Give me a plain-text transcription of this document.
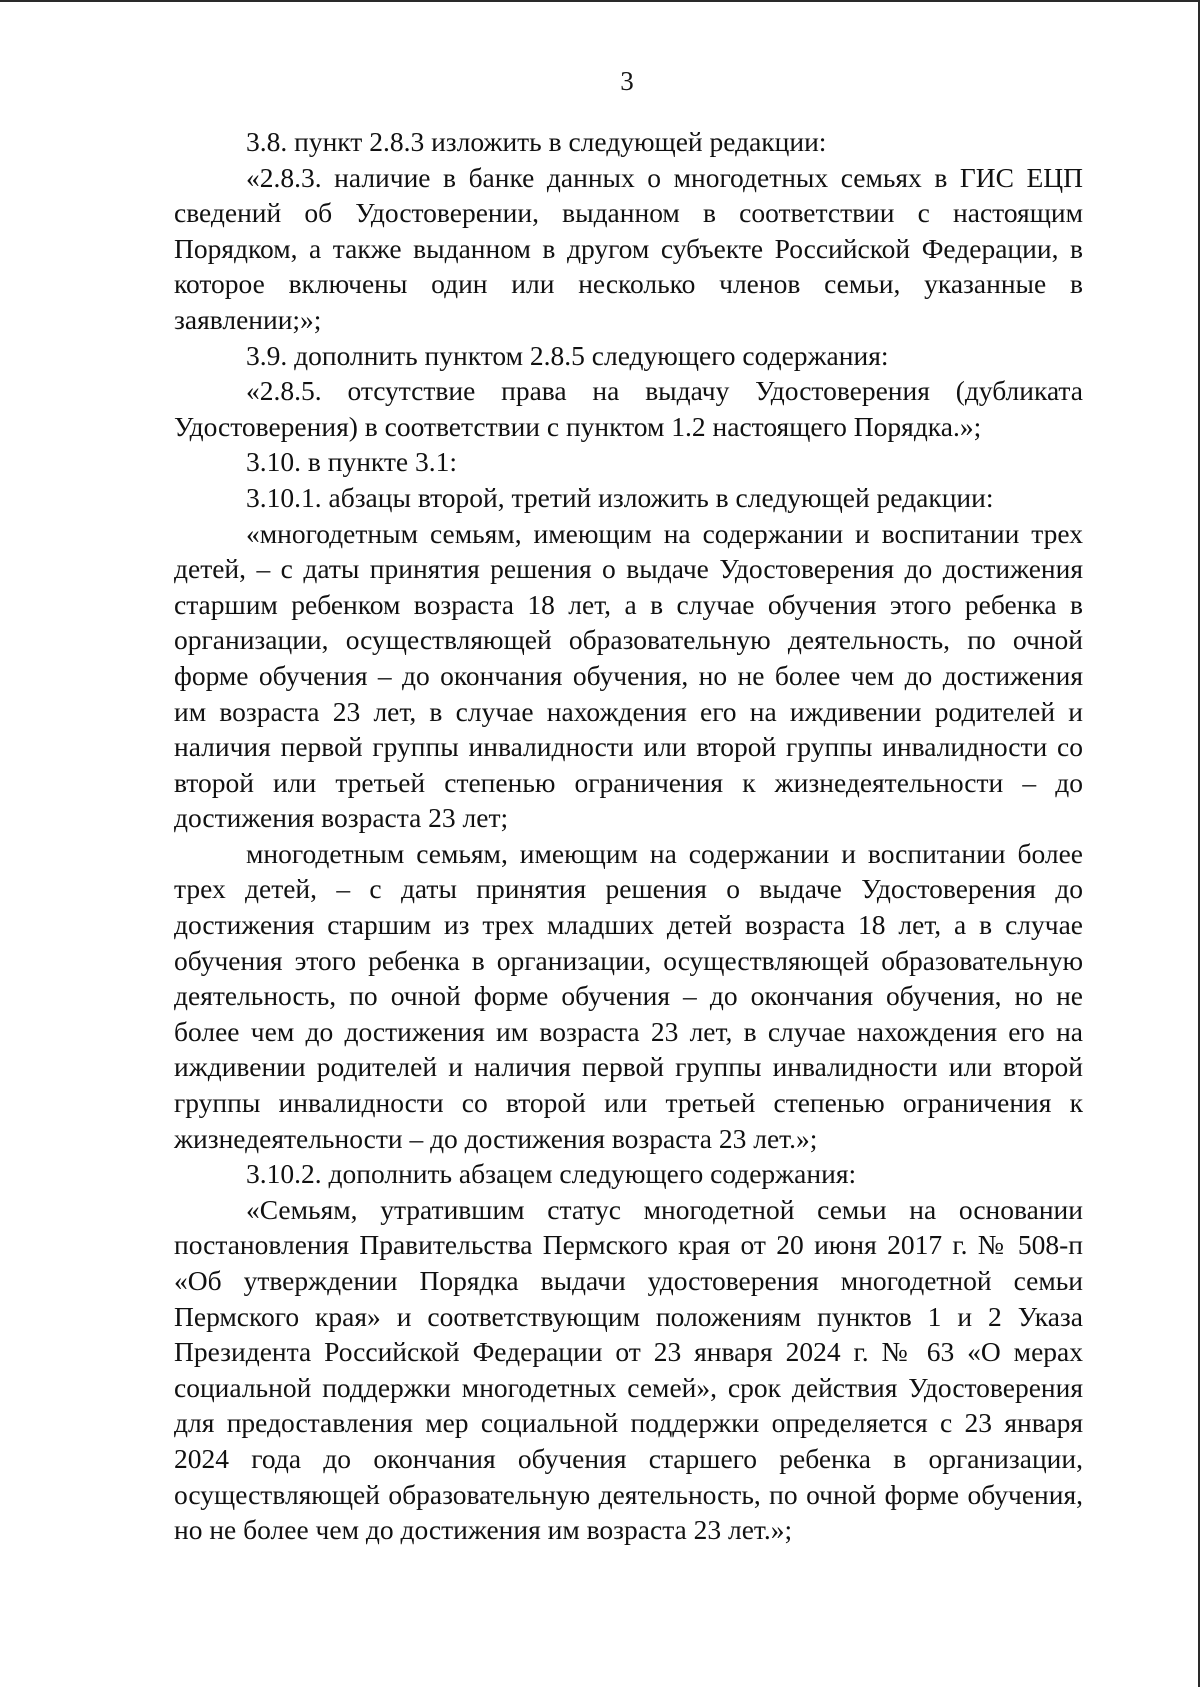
3

3.8. пункт 2.8.3 изложить в следующей редакции:

«2.8.3. наличие в банке данных о многодетных семьях в ГИС ЕЦП сведений об Удостоверении, выданном в соответствии с настоящим Порядком, а также выданном в другом субъекте Российской Федерации, в которое включены один или несколько членов семьи, указанные в заявлении;»;

3.9. дополнить пунктом 2.8.5 следующего содержания:

«2.8.5. отсутствие права на выдачу Удостоверения (дубликата Удостоверения) в соответствии с пунктом 1.2 настоящего Порядка.»;

3.10. в пункте 3.1:

3.10.1. абзацы второй, третий изложить в следующей редакции:

«многодетным семьям, имеющим на содержании и воспитании трех детей, – с даты принятия решения о выдаче Удостоверения до достижения старшим ребенком возраста 18 лет, а в случае обучения этого ребенка в организации, осуществляющей образовательную деятельность, по очной форме обучения – до окончания обучения, но не более чем до достижения им возраста 23 лет, в случае нахождения его на иждивении родителей и наличия первой группы инвалидности или второй группы инвалидности со второй или третьей степенью ограничения к жизнедеятельности – до достижения возраста 23 лет;

многодетным семьям, имеющим на содержании и воспитании более трех детей, – с даты принятия решения о выдаче Удостоверения до достижения старшим из трех младших детей возраста 18 лет, а в случае обучения этого ребенка в организации, осуществляющей образовательную деятельность, по очной форме обучения – до окончания обучения, но не более чем до достижения им возраста 23 лет, в случае нахождения его на иждивении родителей и наличия первой группы инвалидности или второй группы инвалидности со второй или третьей степенью ограничения к жизнедеятельности – до достижения возраста 23 лет.»;

3.10.2. дополнить абзацем следующего содержания:

«Семьям, утратившим статус многодетной семьи на основании постановления Правительства Пермского края от 20 июня 2017 г. № 508-п «Об утверждении Порядка выдачи удостоверения многодетной семьи Пермского края» и соответствующим положениям пунктов 1 и 2 Указа Президента Российской Федерации от 23 января 2024 г. № 63 «О мерах социальной поддержки многодетных семей», срок действия Удостоверения для предоставления мер социальной поддержки определяется с 23 января 2024 года до окончания обучения старшего ребенка в организации, осуществляющей образовательную деятельность, по очной форме обучения, но не более чем до достижения им возраста 23 лет.»;
